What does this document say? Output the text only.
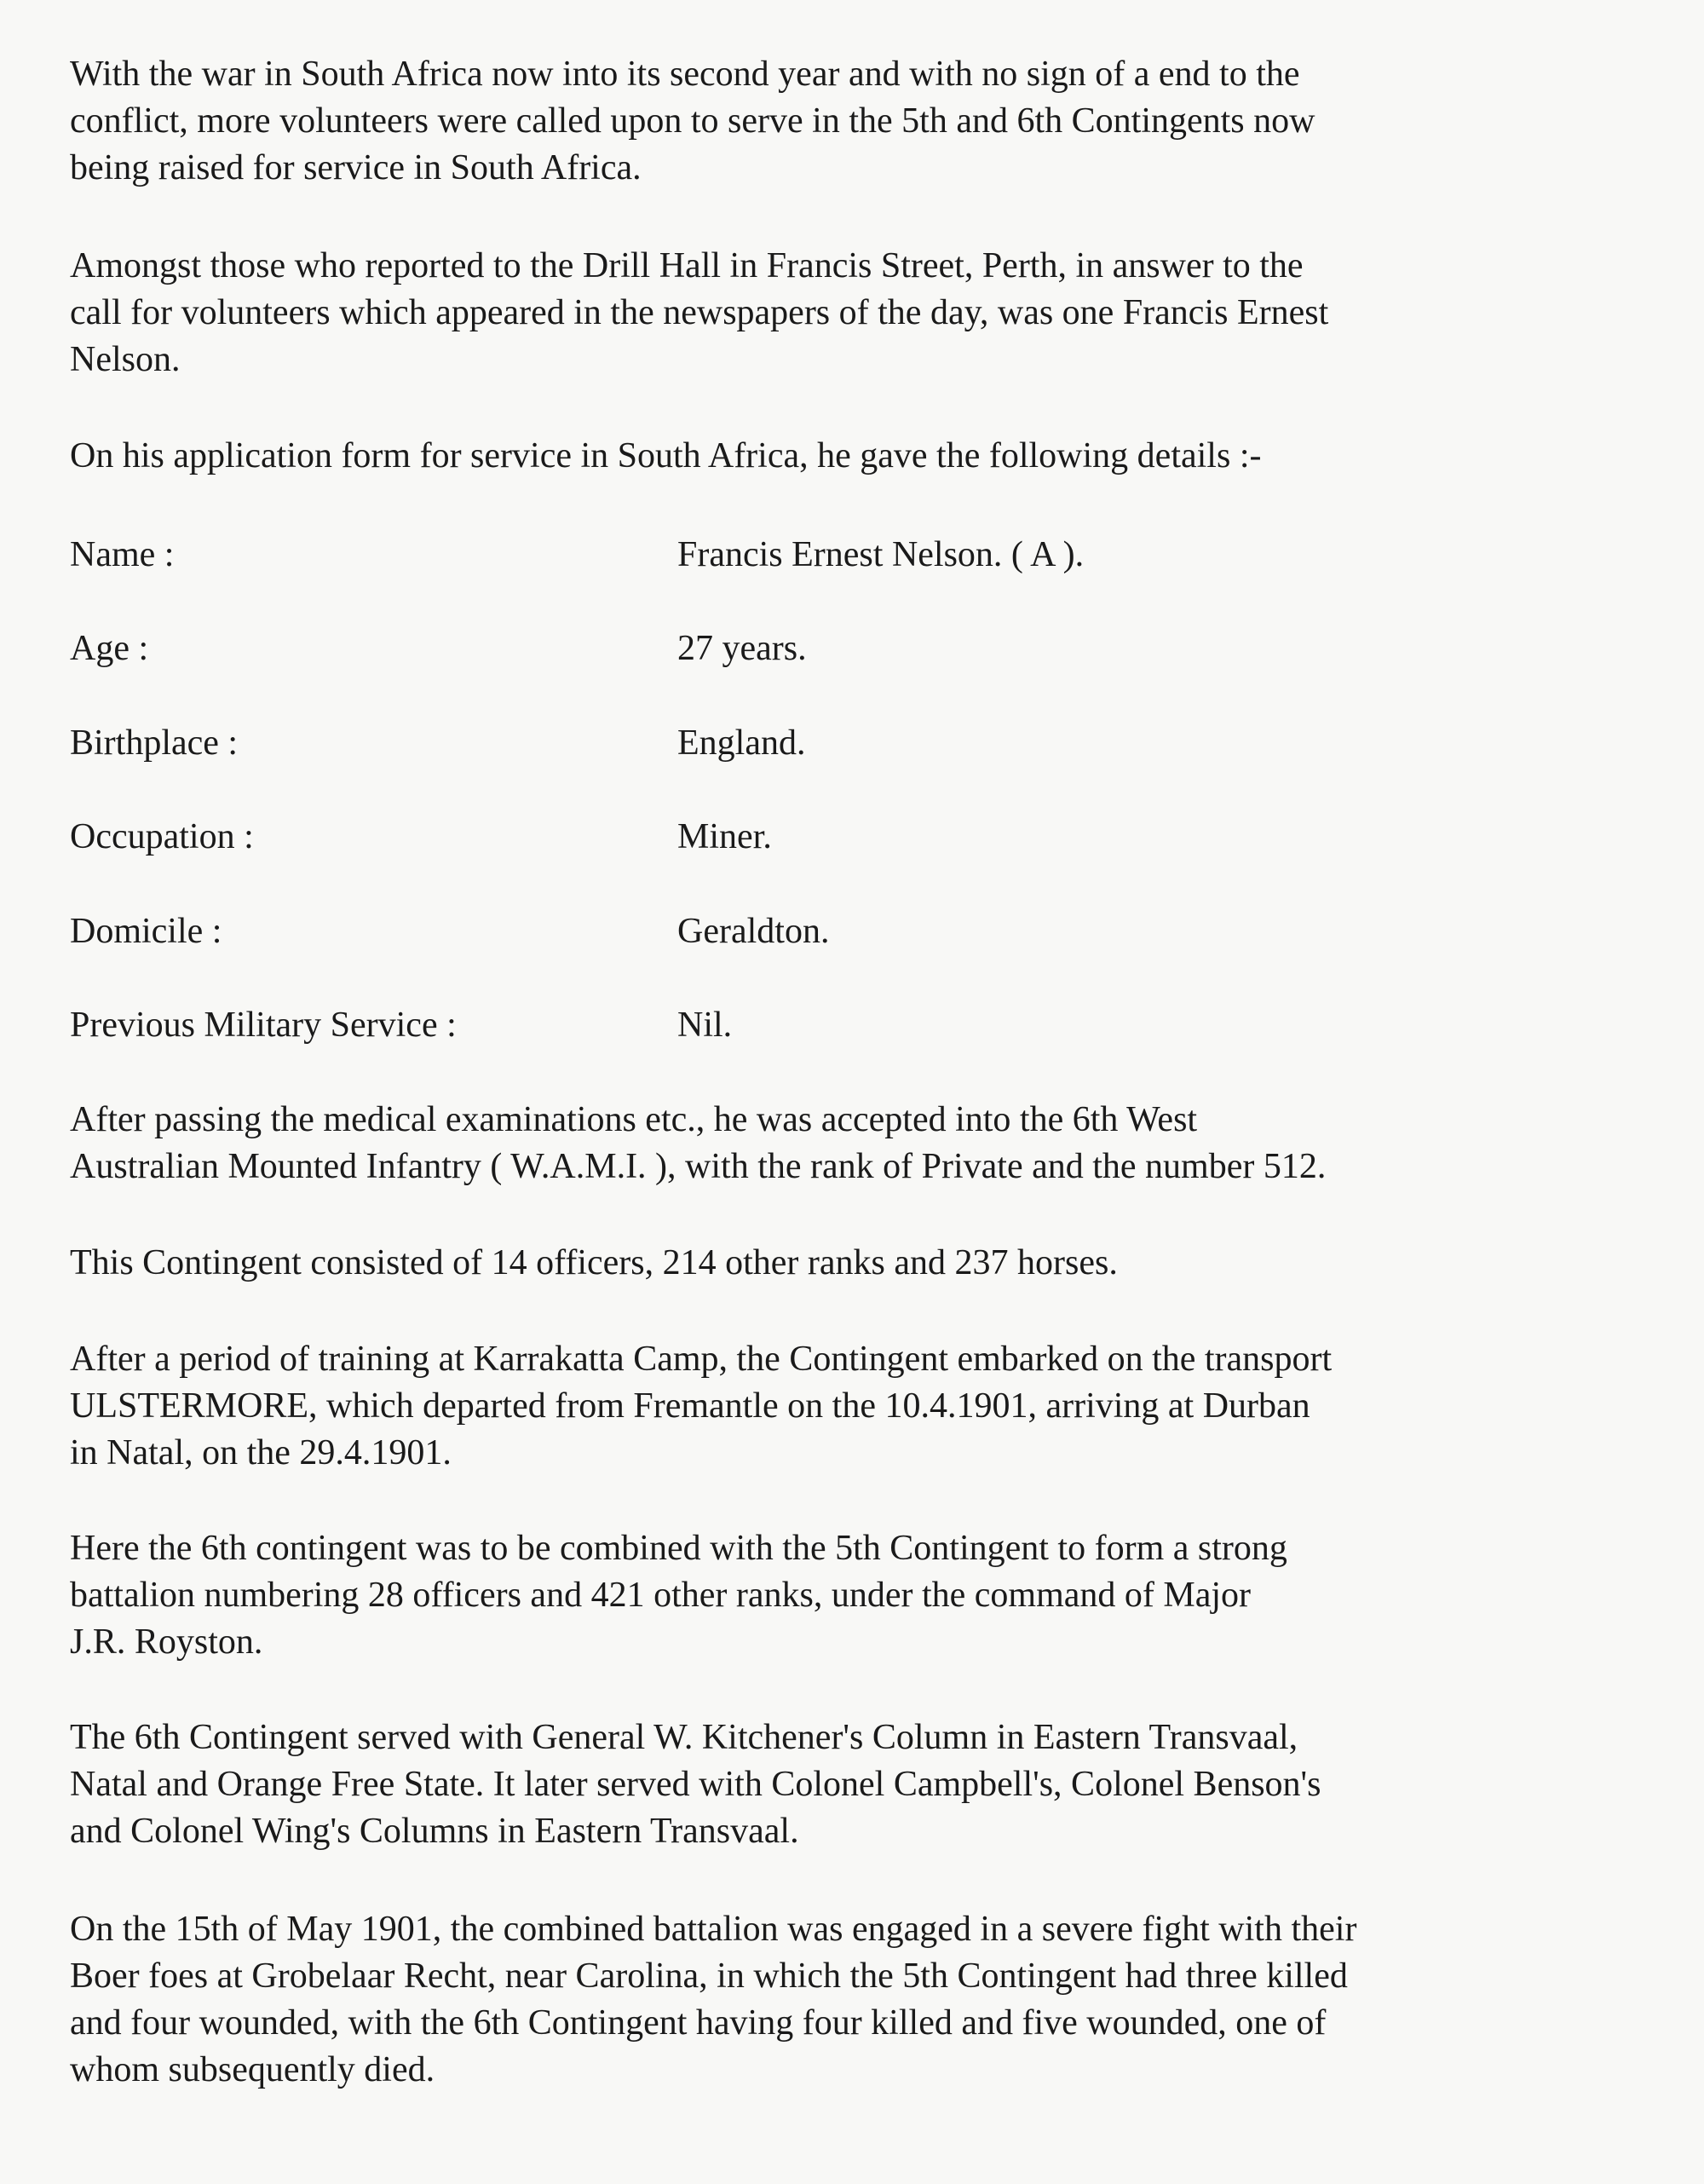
With the war in South Africa now into its second year and with no sign of a end to the
conflict, more volunteers were called upon to serve in the 5th and 6th Contingents now
being raised for service in South Africa.

Amongst those who reported to the Drill Hall in Francis Street, Perth, in answer to the
call for volunteers which appeared in the newspapers of the day, was one Francis Ernest
Nelson.

On his application form for service in South Africa, he gave the following details :-

Name :	Francis Ernest Nelson. ( A ).

Age :	27 years.

Birthplace :	England.

Occupation :	Miner.

Domicile :	Geraldton.

Previous Military Service :	Nil.

After passing the medical examinations etc., he was accepted into the 6th West
Australian Mounted Infantry ( W.A.M.I. ), with the rank of Private and the number 512.

This Contingent consisted of 14 officers, 214 other ranks and 237 horses.

After a period of training at Karrakatta Camp, the Contingent embarked on the transport
ULSTERMORE, which departed from Fremantle on the 10.4.1901, arriving at Durban
in Natal, on the 29.4.1901.

Here the 6th contingent was to be combined with the 5th Contingent to form a strong
battalion numbering 28 officers and 421 other ranks, under the command of Major
J.R. Royston.

The 6th Contingent served with General W. Kitchener's Column in Eastern Transvaal,
Natal and Orange Free State. It later served with Colonel Campbell's, Colonel Benson's
and Colonel Wing's Columns in Eastern Transvaal.

On the 15th of May 1901, the combined battalion was engaged in a severe fight with their
Boer foes at Grobelaar Recht, near Carolina, in which the 5th Contingent had three killed
and four wounded, with the 6th Contingent having four killed and five wounded, one of
whom subsequently died.
